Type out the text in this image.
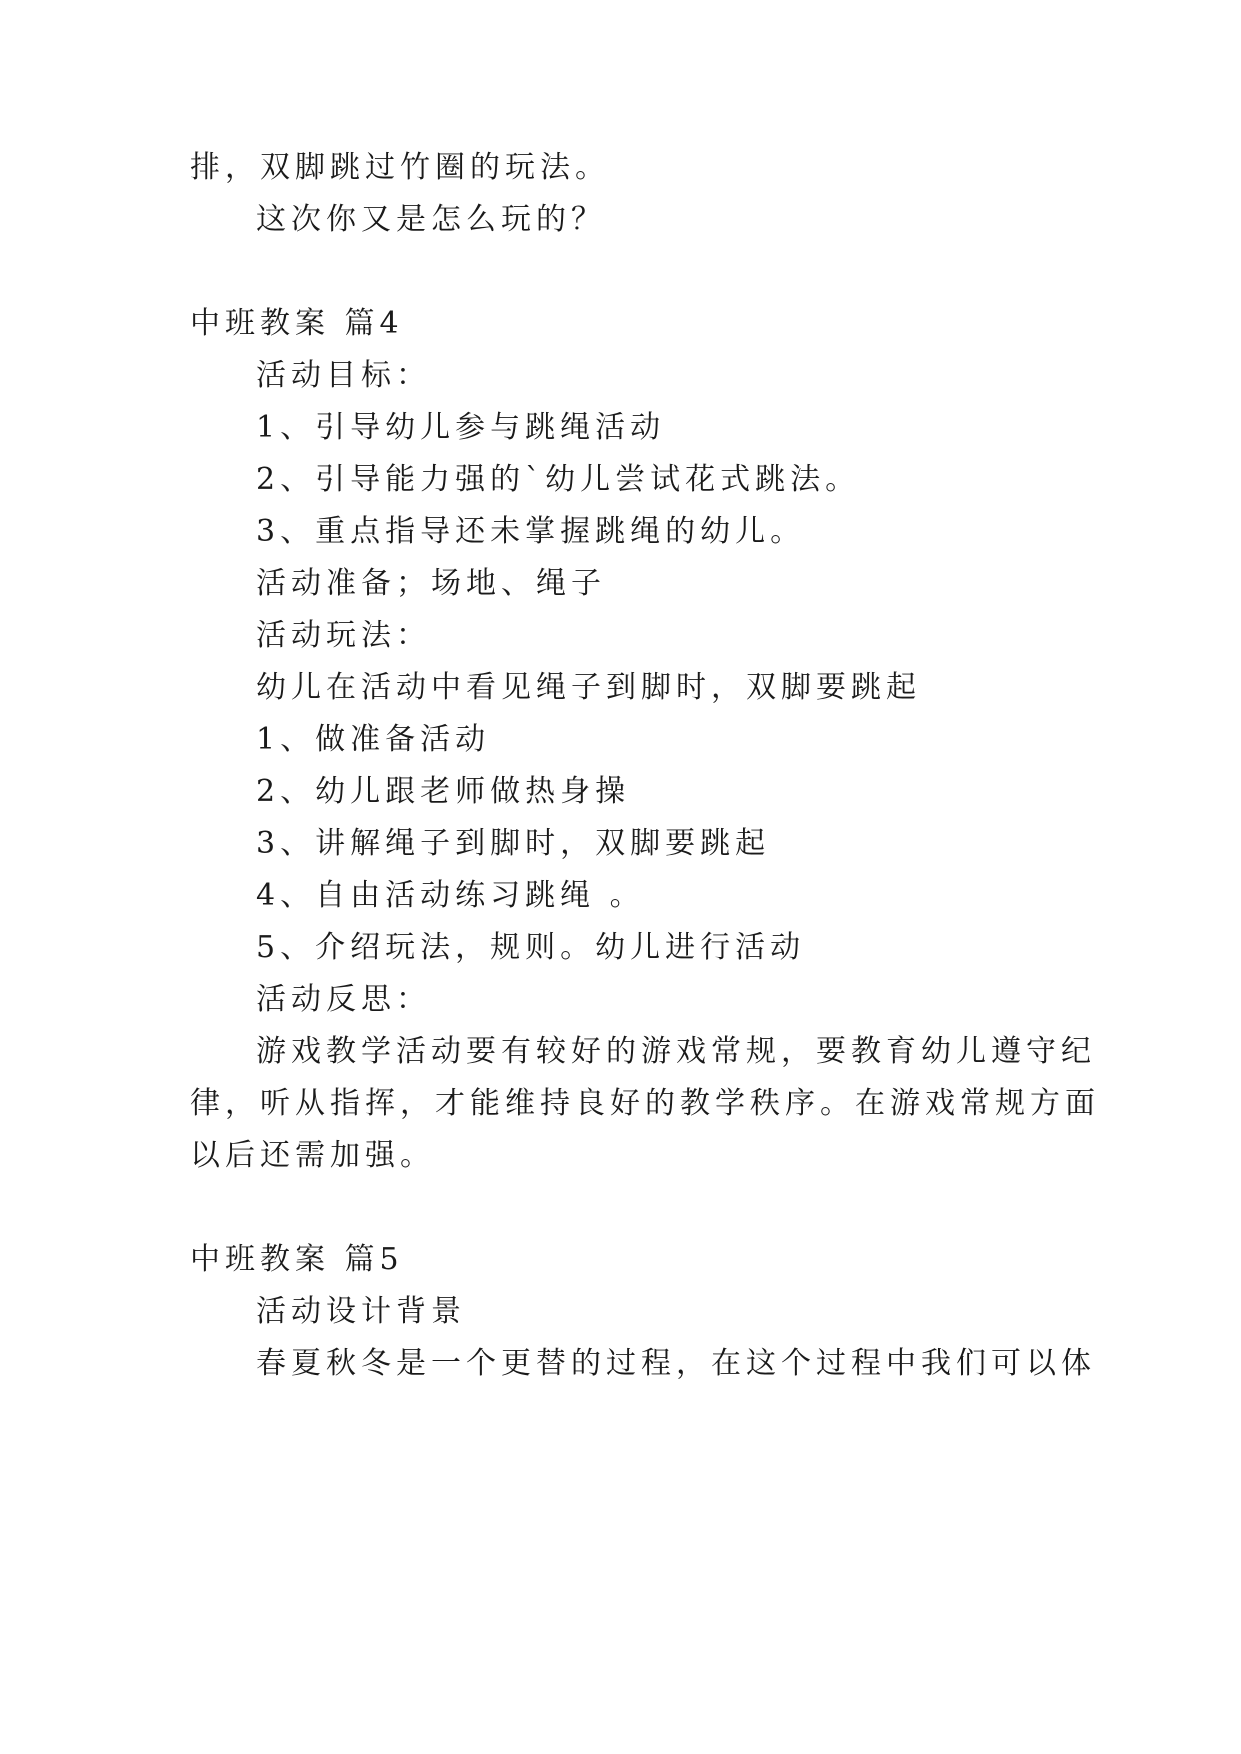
排，双脚跳过竹圈的玩法。
这次你又是怎么玩的？
中班教案 篇4
活动目标：
1、引导幼儿参与跳绳活动
2、引导能力强的`幼儿尝试花式跳法。
3、重点指导还未掌握跳绳的幼儿。
活动准备；场地、绳子
活动玩法：
幼儿在活动中看见绳子到脚时，双脚要跳起
1、做准备活动
2、幼儿跟老师做热身操
3、讲解绳子到脚时，双脚要跳起
4、自由活动练习跳绳 。
5、介绍玩法，规则。幼儿进行活动
活动反思：
游戏教学活动要有较好的游戏常规，要教育幼儿遵守纪
律，听从指挥，才能维持良好的教学秩序。在游戏常规方面
以后还需加强。
中班教案 篇5
活动设计背景
春夏秋冬是一个更替的过程，在这个过程中我们可以体
